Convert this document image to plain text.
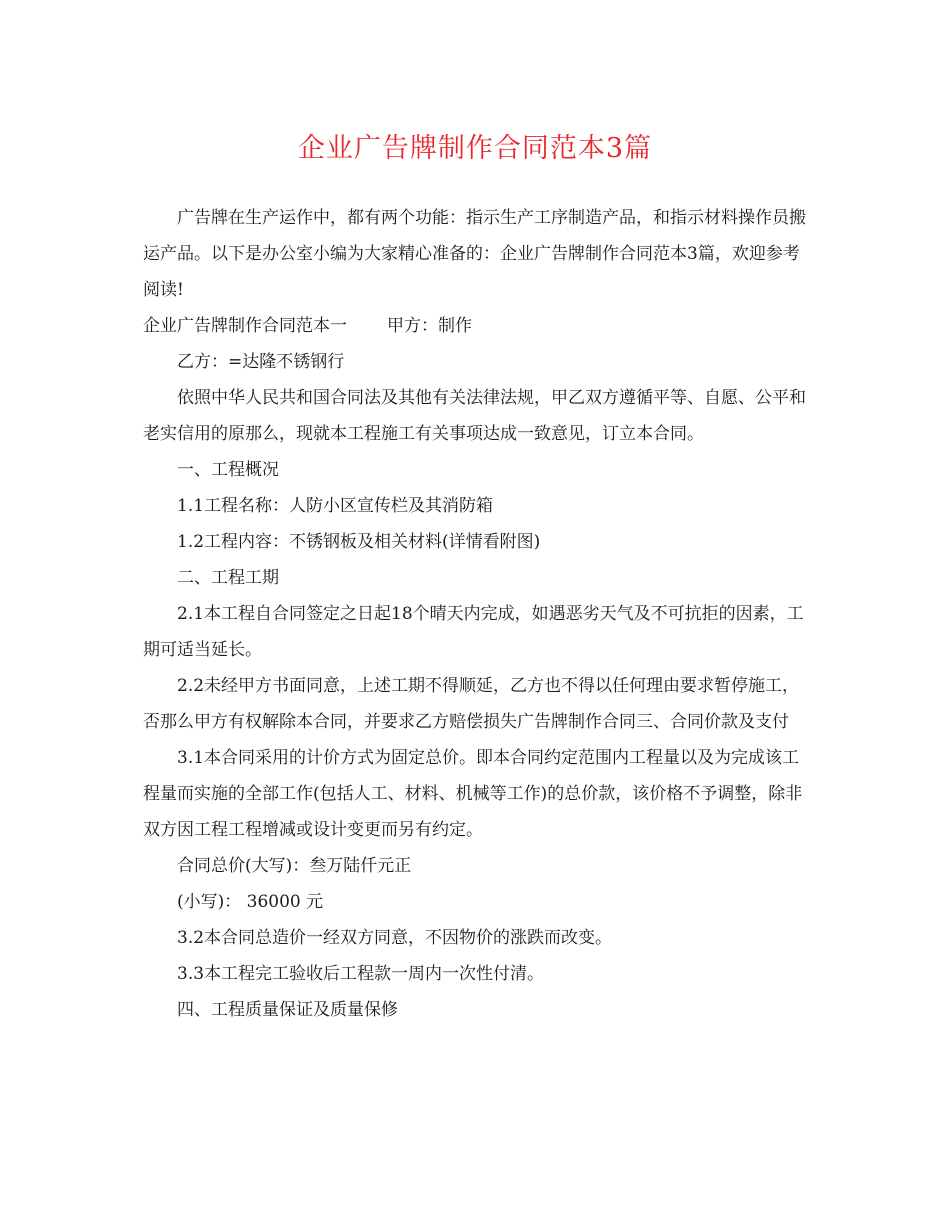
企业广告牌制作合同范本3篇

广告牌在生产运作中，都有两个功能：指示生产工序制造产品，和指示材料操作员搬运产品。以下是办公室小编为大家精心准备的：企业广告牌制作合同范本3篇，欢迎参考阅读!

企业广告牌制作合同范本一 甲方：制作

乙方：=达隆不锈钢行

依照中华人民共和国合同法及其他有关法律法规，甲乙双方遵循平等、自愿、公平和老实信用的原那么，现就本工程施工有关事项达成一致意见，订立本合同。

一、工程概况

1.1工程名称：人防小区宣传栏及其消防箱

1.2工程内容：不锈钢板及相关材料(详情看附图)

二、工程工期

2.1本工程自合同签定之日起18个晴天内完成，如遇恶劣天气及不可抗拒的因素，工期可适当延长。

2.2未经甲方书面同意，上述工期不得顺延，乙方也不得以任何理由要求暂停施工，否那么甲方有权解除本合同，并要求乙方赔偿损失广告牌制作合同三、合同价款及支付

3.1本合同采用的计价方式为固定总价。即本合同约定范围内工程量以及为完成该工程量而实施的全部工作(包括人工、材料、机械等工作)的总价款，该价格不予调整，除非双方因工程工程增减或设计变更而另有约定。

合同总价(大写)：叁万陆仟元正

(小写)： 36000 元

3.2本合同总造价一经双方同意，不因物价的涨跌而改变。

3.3本工程完工验收后工程款一周内一次性付清。

四、工程质量保证及质量保修
